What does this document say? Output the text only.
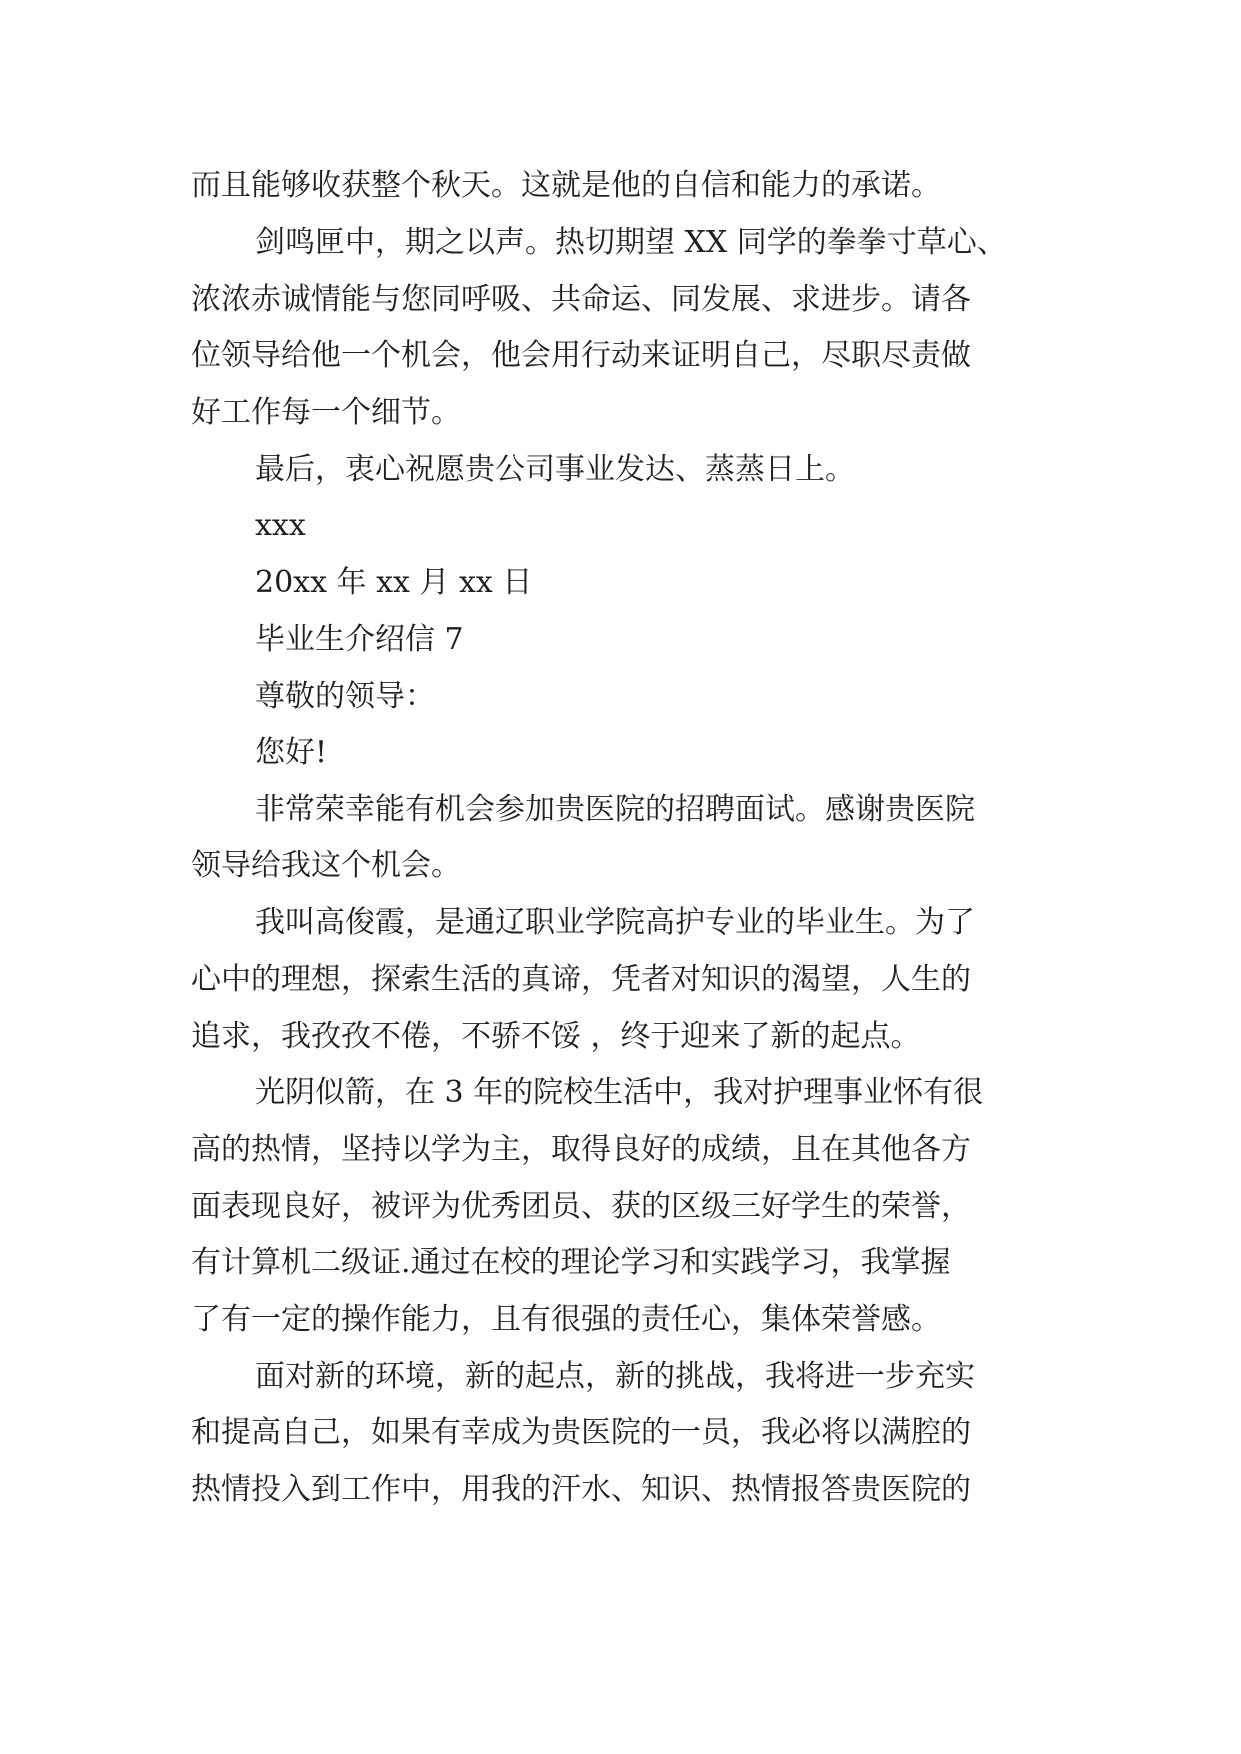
而且能够收获整个秋天。这就是他的自信和能力的承诺。
剑鸣匣中，期之以声。热切期望 XX 同学的拳拳寸草心、
浓浓赤诚情能与您同呼吸、共命运、同发展、求进步。请各
位领导给他一个机会，他会用行动来证明自己，尽职尽责做
好工作每一个细节。
最后，衷心祝愿贵公司事业发达、蒸蒸日上。
xxx
20xx 年 xx 月 xx 日
毕业生介绍信 7
尊敬的领导：
您好!
非常荣幸能有机会参加贵医院的招聘面试。感谢贵医院
领导给我这个机会。
我叫高俊霞，是通辽职业学院高护专业的毕业生。为了
心中的理想，探索生活的真谛，凭者对知识的渴望，人生的
追求，我孜孜不倦，不骄不馁 ，终于迎来了新的起点。
光阴似箭，在 3 年的院校生活中，我对护理事业怀有很
高的热情，坚持以学为主，取得良好的成绩，且在其他各方
面表现良好，被评为优秀团员、获的区级三好学生的荣誉，
有计算机二级证.通过在校的理论学习和实践学习，我掌握
了有一定的操作能力，且有很强的责任心，集体荣誉感。
面对新的环境，新的起点，新的挑战，我将进一步充实
和提高自己，如果有幸成为贵医院的一员，我必将以满腔的
热情投入到工作中，用我的汗水、知识、热情报答贵医院的
